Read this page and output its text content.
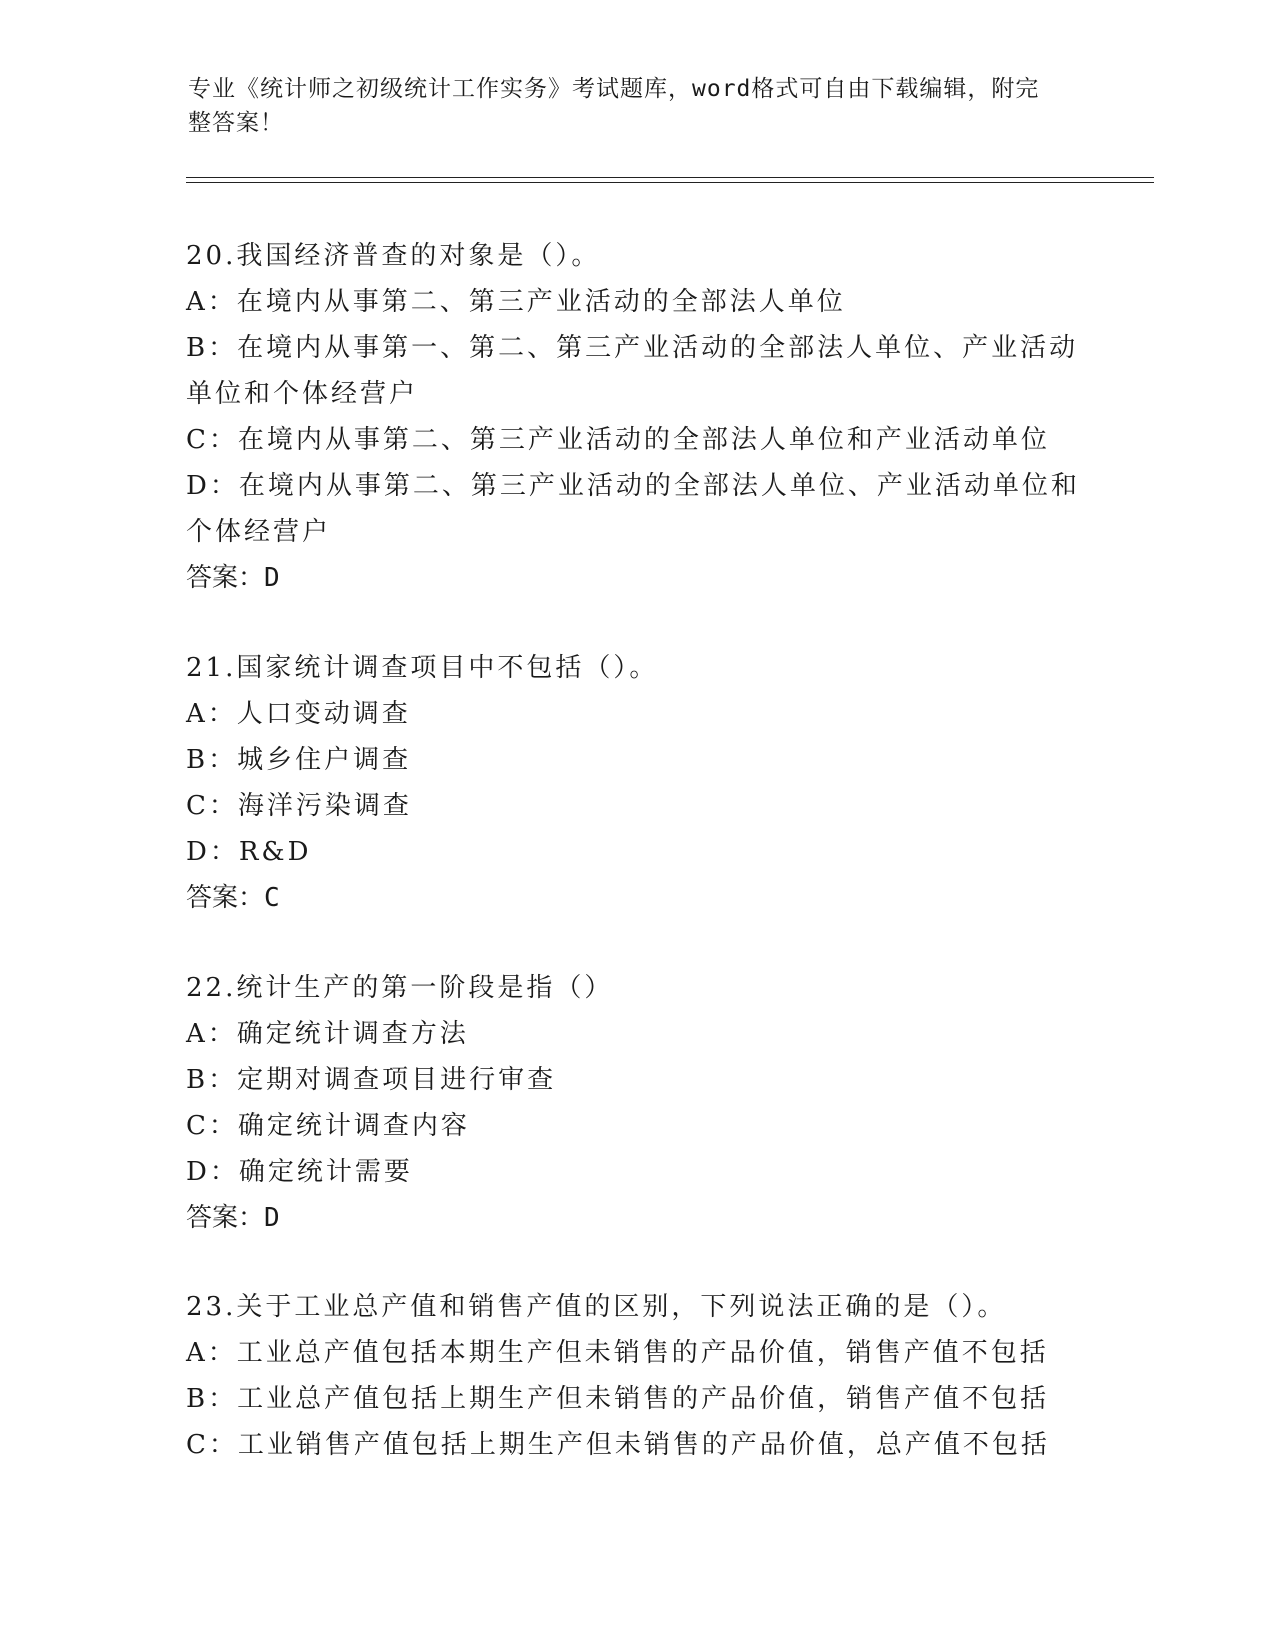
专业《统计师之初级统计工作实务》考试题库，word格式可自由下载编辑，附完
整答案！
20.我国经济普查的对象是（）。
A：在境内从事第二、第三产业活动的全部法人单位
B：在境内从事第一、第二、第三产业活动的全部法人单位、产业活动单位和个体经营户
C：在境内从事第二、第三产业活动的全部法人单位和产业活动单位
D：在境内从事第二、第三产业活动的全部法人单位、产业活动单位和个体经营户
答案：D
21.国家统计调查项目中不包括（）。
A：人口变动调查
B：城乡住户调查
C：海洋污染调查
D：R&D
答案：C
22.统计生产的第一阶段是指（）
A：确定统计调查方法
B：定期对调查项目进行审查
C：确定统计调查内容
D：确定统计需要
答案：D
23.关于工业总产值和销售产值的区别，下列说法正确的是（）。
A：工业总产值包括本期生产但未销售的产品价值，销售产值不包括
B：工业总产值包括上期生产但未销售的产品价值，销售产值不包括
C：工业销售产值包括上期生产但未销售的产品价值，总产值不包括
